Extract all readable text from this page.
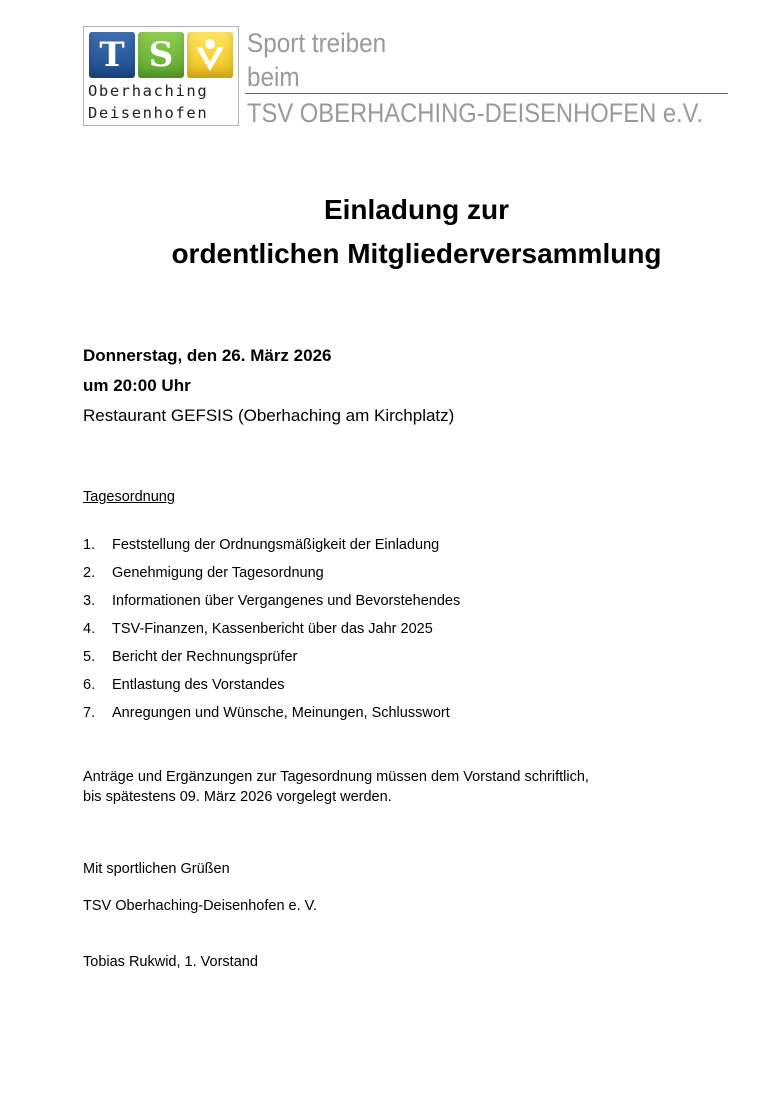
T S
Oberhaching
Deisenhofen
Sport treiben
beim
TSV OBERHACHING-DEISENHOFEN e.V.
Einladung zur
ordentlichen Mitgliederversammlung
Donnerstag, den 26. März 2026
um 20:00 Uhr
Restaurant GEFSIS (Oberhaching am Kirchplatz)
Tagesordnung
1. Feststellung der Ordnungsmäßigkeit der Einladung
2. Genehmigung der Tagesordnung
3. Informationen über Vergangenes und Bevorstehendes
4. TSV-Finanzen, Kassenbericht über das Jahr 2025
5. Bericht der Rechnungsprüfer
6. Entlastung des Vorstandes
7. Anregungen und Wünsche, Meinungen, Schlusswort
Anträge und Ergänzungen zur Tagesordnung müssen dem Vorstand schriftlich,
bis spätestens 09. März 2026 vorgelegt werden.
Mit sportlichen Grüßen
TSV Oberhaching-Deisenhofen e. V.
Tobias Rukwid, 1. Vorstand
